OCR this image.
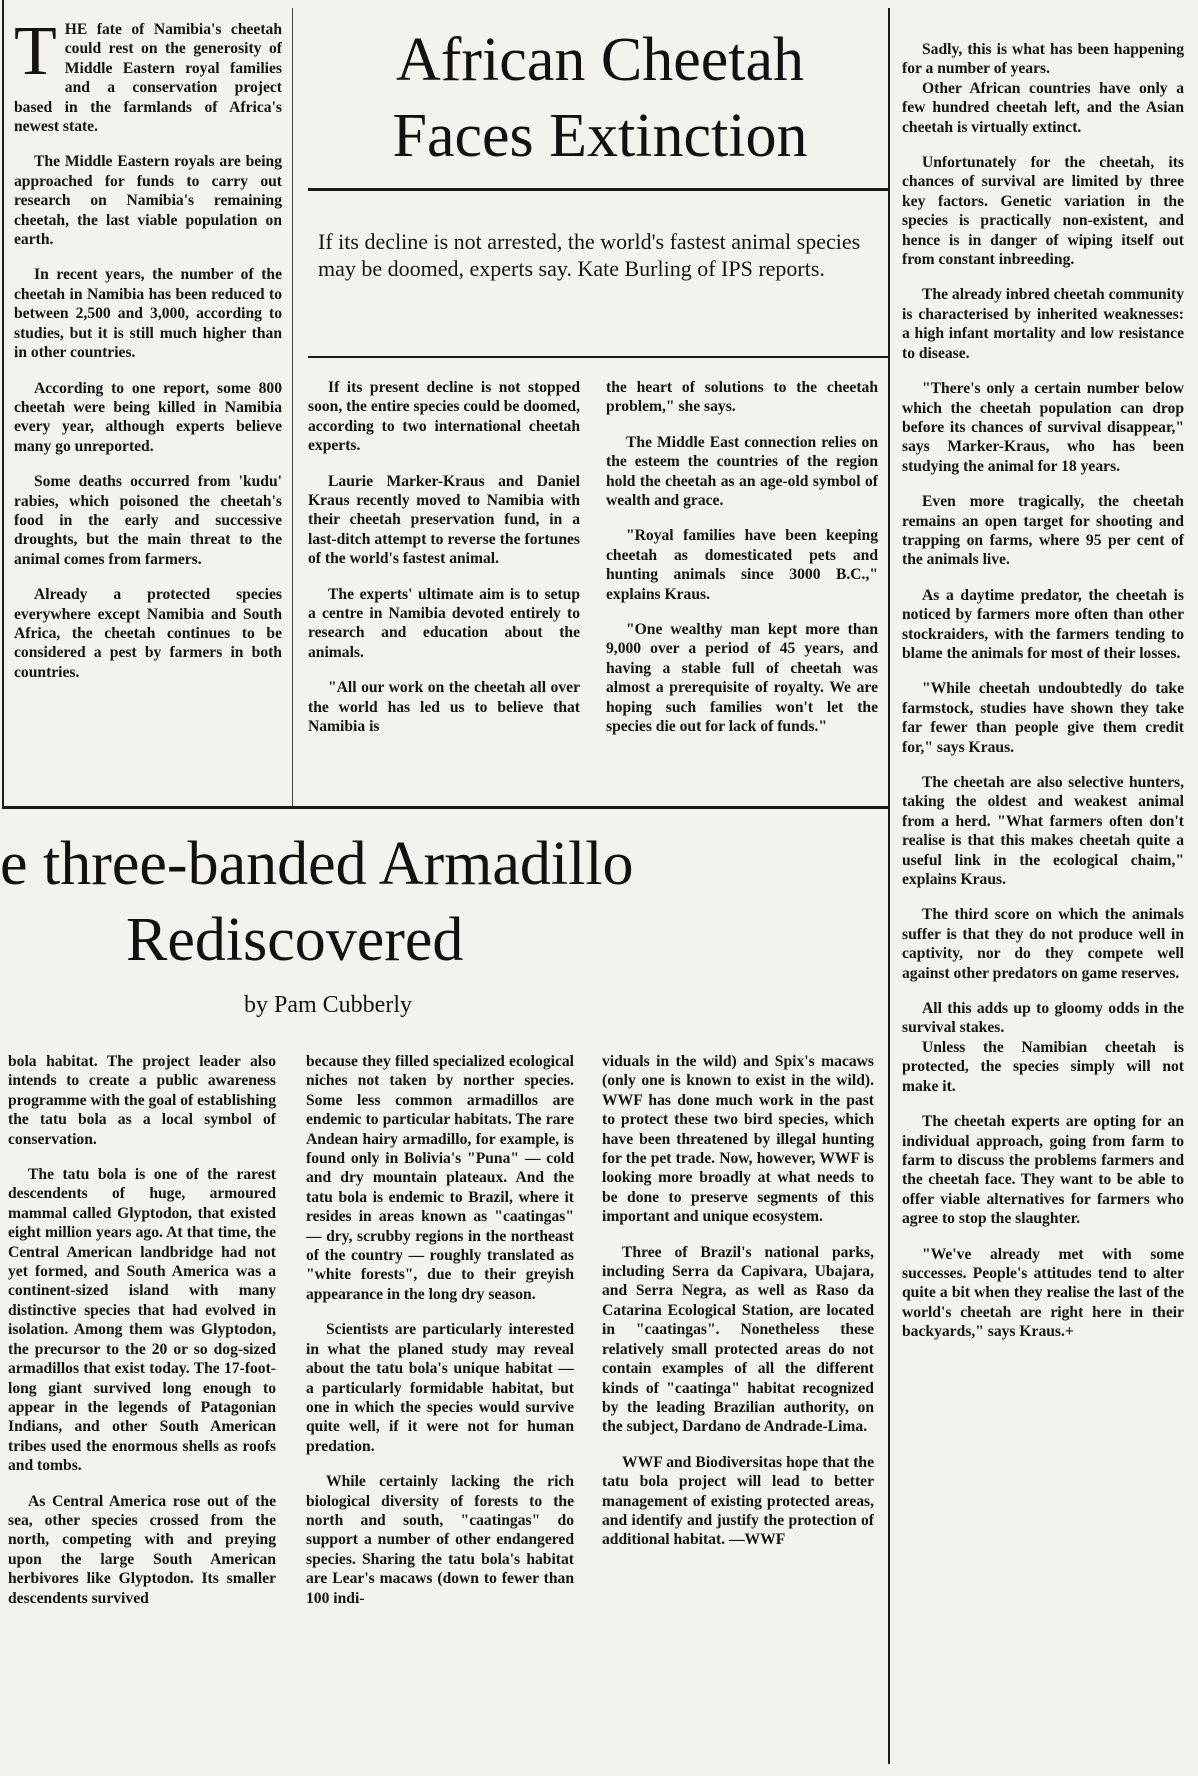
THE fate of Namibia's cheetah could rest on the generosity of Middle Eastern royal families and a conservation project based in the farmlands of Africa's newest state.

The Middle Eastern royals are being approached for funds to carry out research on Namibia's remaining cheetah, the last viable population on earth.

In recent years, the number of the cheetah in Namibia has been reduced to between 2,500 and 3,000, according to studies, but it is still much higher than in other countries.

According to one report, some 800 cheetah were being killed in Namibia every year, although experts believe many go unreported.

Some deaths occurred from 'kudu' rabies, which poisoned the cheetah's food in the early and successive droughts, but the main threat to the animal comes from farmers.

Already a protected species everywhere except Namibia and South Africa, the cheetah continues to be considered a pest by farmers in both countries.

African Cheetah
Faces Extinction
If its decline is not arrested, the world's fastest animal species may be doomed, experts say. Kate Burling of IPS reports.

If its present decline is not stopped soon, the entire species could be doomed, according to two international cheetah experts.

Laurie Marker-Kraus and Daniel Kraus recently moved to Namibia with their cheetah preservation fund, in a last-ditch attempt to reverse the fortunes of the world's fastest animal.

The experts' ultimate aim is to setup a centre in Namibia devoted entirely to research and education about the animals.

"All our work on the cheetah all over the world has led us to believe that Namibia is

the heart of solutions to the cheetah problem," she says.

The Middle East connection relies on the esteem the countries of the region hold the cheetah as an age-old symbol of wealth and grace.

"Royal families have been keeping cheetah as domesticated pets and hunting animals since 3000 B.C.," explains Kraus.

"One wealthy man kept more than 9,000 over a period of 45 years, and having a stable full of cheetah was almost a prerequisite of royalty. We are hoping such families won't let the species die out for lack of funds."

Sadly, this is what has been happening for a number of years.

Other African countries have only a few hundred cheetah left, and the Asian cheetah is virtually extinct.

Unfortunately for the cheetah, its chances of survival are limited by three key factors. Genetic variation in the species is practically non-existent, and hence is in danger of wiping itself out from constant inbreeding.

The already inbred cheetah community is characterised by inherited weaknesses: a high infant mortality and low resistance to disease.

"There's only a certain number below which the cheetah population can drop before its chances of survival disappear," says Marker-Kraus, who has been studying the animal for 18 years.

Even more tragically, the cheetah remains an open target for shooting and trapping on farms, where 95 per cent of the animals live.

As a daytime predator, the cheetah is noticed by farmers more often than other stockraiders, with the farmers tending to blame the animals for most of their losses.

"While cheetah undoubtedly do take farmstock, studies have shown they take far fewer than people give them credit for," says Kraus.

The cheetah are also selective hunters, taking the oldest and weakest animal from a herd. "What farmers often don't realise is that this makes cheetah quite a useful link in the ecological chaim," explains Kraus.

The third score on which the animals suffer is that they do not produce well in captivity, nor do they compete well against other predators on game reserves.

All this adds up to gloomy odds in the survival stakes.

Unless the Namibian cheetah is protected, the species simply will not make it.

The cheetah experts are opting for an individual approach, going from farm to farm to discuss the problems farmers and the cheetah face. They want to be able to offer viable alternatives for farmers who agree to stop the slaughter.

"We've already met with some successes. People's attitudes tend to alter quite a bit when they realise the last of the world's cheetah are right here in their backyards," says Kraus.+

e three-banded Armadillo
Rediscovered
by Pam Cubberly

bola habitat. The project leader also intends to create a public awareness programme with the goal of establishing the tatu bola as a local symbol of conservation.

The tatu bola is one of the rarest descendents of huge, armoured mammal called Glyptodon, that existed eight million years ago. At that time, the Central American landbridge had not yet formed, and South America was a continent-sized island with many distinctive species that had evolved in isolation. Among them was Glyptodon, the precursor to the 20 or so dog-sized armadillos that exist today. The 17-foot-long giant survived long enough to appear in the legends of Patagonian Indians, and other South American tribes used the enormous shells as roofs and tombs.

As Central America rose out of the sea, other species crossed from the north, competing with and preying upon the large South American herbivores like Glyptodon. Its smaller descendents survived

because they filled specialized ecological niches not taken by norther species. Some less common armadillos are endemic to particular habitats. The rare Andean hairy armadillo, for example, is found only in Bolivia's "Puna" — cold and dry mountain plateaux. And the tatu bola is endemic to Brazil, where it resides in areas known as "caatingas" — dry, scrubby regions in the northeast of the country — roughly translated as "white forests", due to their greyish appearance in the long dry season.

Scientists are particularly interested in what the planed study may reveal about the tatu bola's unique habitat — a particularly formidable habitat, but one in which the species would survive quite well, if it were not for human predation.

While certainly lacking the rich biological diversity of forests to the north and south, "caatingas" do support a number of other endangered species. Sharing the tatu bola's habitat are Lear's macaws (down to fewer than 100 indi-

viduals in the wild) and Spix's macaws (only one is known to exist in the wild). WWF has done much work in the past to protect these two bird species, which have been threatened by illegal hunting for the pet trade. Now, however, WWF is looking more broadly at what needs to be done to preserve segments of this important and unique ecosystem.

Three of Brazil's national parks, including Serra da Capivara, Ubajara, and Serra Negra, as well as Raso da Catarina Ecological Station, are located in "caatingas". Nonetheless these relatively small protected areas do not contain examples of all the different kinds of "caatinga" habitat recognized by the leading Brazilian authority, on the subject, Dardano de Andrade-Lima.

WWF and Biodiversitas hope that the tatu bola project will lead to better management of existing protected areas, and identify and justify the protection of additional habitat. —WWF
